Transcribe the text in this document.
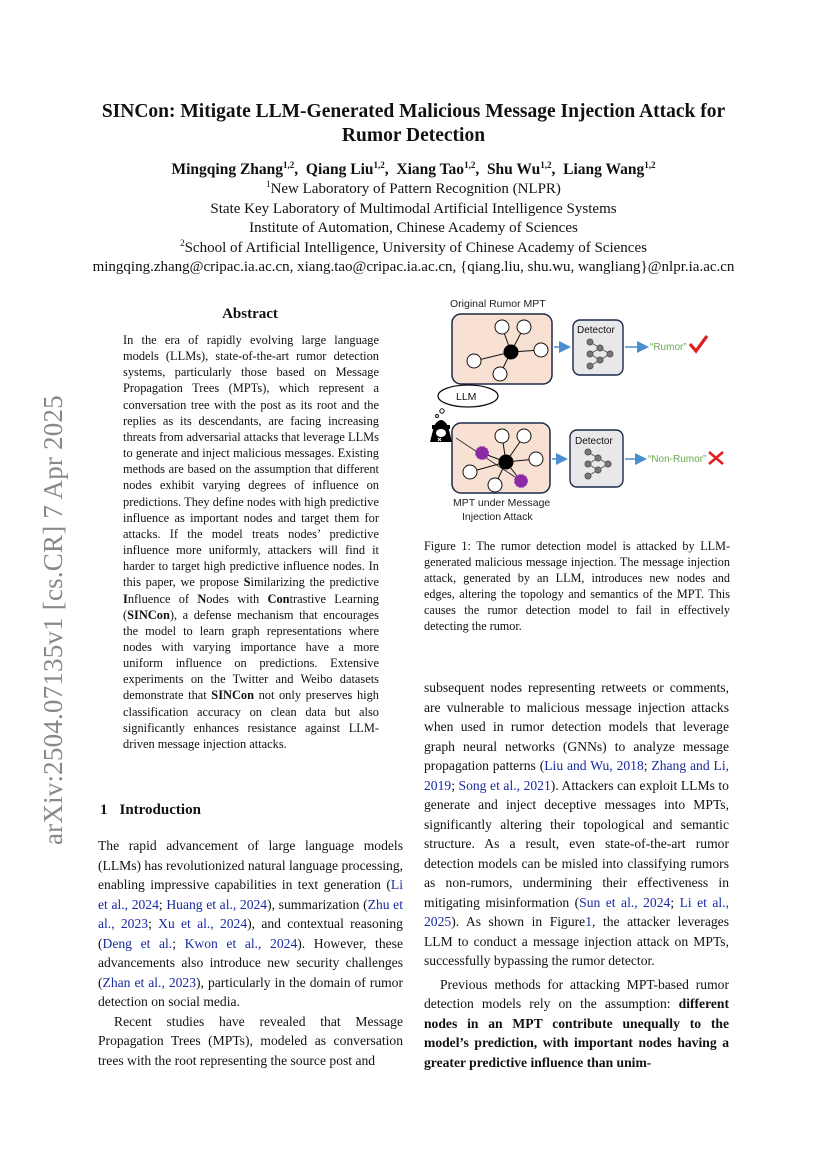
SINCon: Mitigate LLM-Generated Malicious Message Injection Attack for
Rumor Detection
Mingqing Zhang$^{1,2}$,  Qiang Liu$^{1,2}$,  Xiang Tao$^{1,2}$,  Shu Wu$^{1,2}$,  Liang Wang$^{1,2}$
$^1$New Laboratory of Pattern Recognition (NLPR)
State Key Laboratory of Multimodal Artificial Intelligence Systems
Institute of Automation, Chinese Academy of Sciences
$^2$School of Artificial Intelligence, University of Chinese Academy of Sciences
mingqing.zhang@cripac.ia.ac.cn, xiang.tao@cripac.ia.ac.cn, {qiang.liu, shu.wu, wangliang}@nlpr.ia.ac.cn
arXiv:2504.07135v1 [cs.CR] 7 Apr 2025
Abstract
In the era of rapidly evolving large language models (LLMs), state-of-the-art rumor detection systems, particularly those based on Message Propagation Trees (MPTs), which represent a conversation tree with the post as its root and the replies as its descendants, are facing increasing threats from adversarial attacks that leverage LLMs to generate and inject malicious messages. Existing methods are based on the assumption that different nodes exhibit varying degrees of influence on predictions. They define nodes with high predictive influence as important nodes and target them for attacks. If the model treats nodes’ predictive influence more uniformly, attackers will find it harder to target high predictive influence nodes. In this paper, we propose Similarizing the predictive Influence of Nodes with Contrastive Learning (SINCon), a defense mechanism that encourages the model to learn graph representations where nodes with varying importance have a more uniform influence on predictions. Extensive experiments on the Twitter and Weibo datasets demonstrate that SINCon not only preserves high classification accuracy on clean data but also significantly enhances resistance against LLM-driven message injection attacks.
1 Introduction

The rapid advancement of large language models (LLMs) has revolutionized natural language processing, enabling impressive capabilities in text generation (Li et al., 2024; Huang et al., 2024), summarization (Zhu et al., 2023; Xu et al., 2024), and contextual reasoning (Deng et al.; Kwon et al., 2024). However, these advancements also introduce new security challenges (Zhan et al., 2023), particularly in the domain of rumor detection on social media.

Recent studies have revealed that Message Propagation Trees (MPTs), modeled as conversation trees with the root representing the source post and

subsequent nodes representing retweets or comments, are vulnerable to malicious message injection attacks when used in rumor detection models that leverage graph neural networks (GNNs) to analyze message propagation patterns (Liu and Wu, 2018; Zhang and Li, 2019; Song et al., 2021). Attackers can exploit LLMs to generate and inject deceptive messages into MPTs, significantly altering their topological and semantic structure. As a result, even state-of-the-art rumor detection models can be misled into classifying rumors as non-rumors, undermining their effectiveness in mitigating misinformation (Sun et al., 2024; Li et al., 2025). As shown in Figure1, the attacker leverages LLM to conduct a message injection attack on MPTs, successfully bypassing the rumor detector.

Previous methods for attacking MPT-based rumor detection models rely on the assumption: different nodes in an MPT contribute unequally to the model’s prediction, with important nodes having a greater predictive influence than unim-

Original Rumor MPT
Detector
“Rumor”
LLM
Detector
“Non-Rumor”
MPT under Message
Injection Attack
Figure 1: The rumor detection model is attacked by LLM-generated malicious message injection. The message injection attack, generated by an LLM, introduces new nodes and edges, altering the topology and semantics of the MPT. This causes the rumor detection model to fail in effectively detecting the rumor.
